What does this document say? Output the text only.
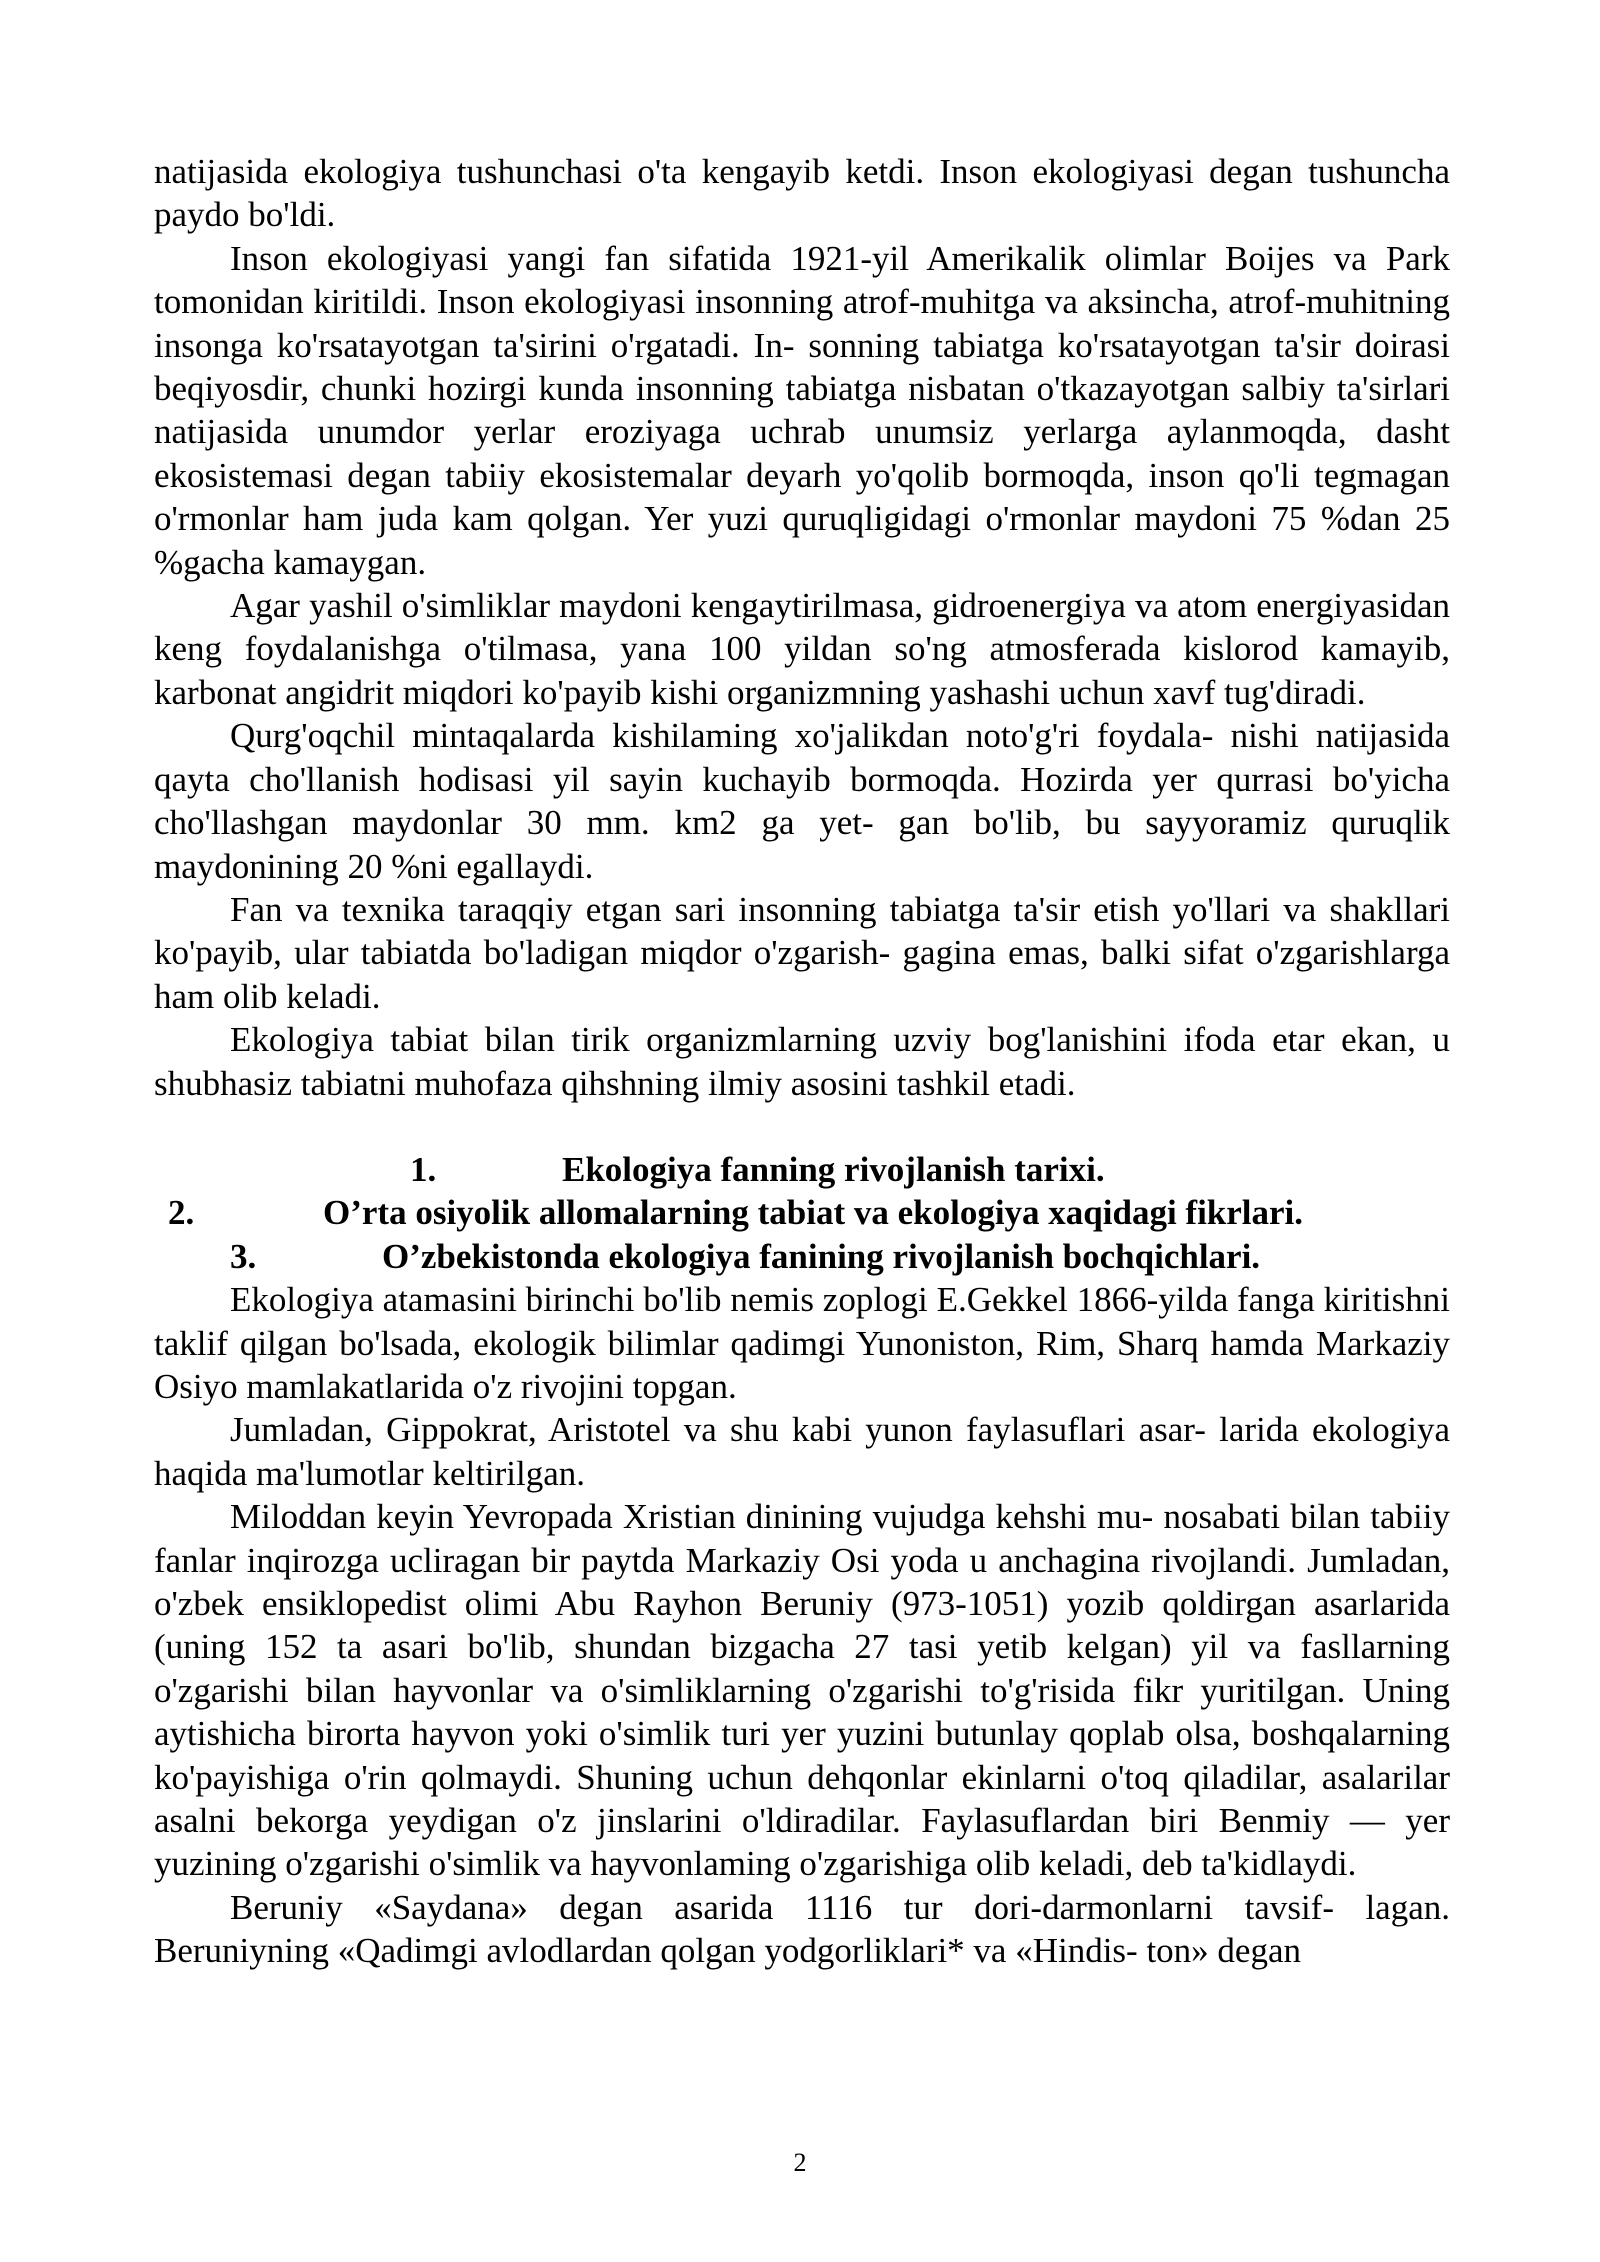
natijasida ekologiya tushunchasi o'ta kengayib ketdi. Inson ekologiyasi degan tushuncha paydo bo'ldi.

Inson ekologiyasi yangi fan sifatida 1921-yil Amerikalik olimlar Boijes va Park tomonidan kiritildi. Inson ekologiyasi insonning atrof-muhitga va aksincha, atrof-muhitning insonga ko'rsatayotgan ta'sirini o'rgatadi. In- sonning tabiatga ko'rsatayotgan ta'sir doirasi beqiyosdir, chunki hozirgi kunda insonning tabiatga nisbatan o'tkazayotgan salbiy ta'sirlari natijasida unumdor yerlar eroziyaga uchrab unumsiz yerlarga aylanmoqda, dasht ekosistemasi degan tabiiy ekosistemalar deyarh yo'qolib bormoqda, inson qo'li tegmagan o'rmonlar ham juda kam qolgan. Yer yuzi quruqligidagi o'rmonlar maydoni 75 %dan 25 %gacha kamaygan.

Agar yashil o'simliklar maydoni kengaytirilmasa, gidroenergiya va atom energiyasidan keng foydalanishga o'tilmasa, yana 100 yildan so'ng atmosferada kislorod kamayib, karbonat angidrit miqdori ko'payib kishi organizmning yashashi uchun xavf tug'diradi.

Qurg'oqchil mintaqalarda kishilaming xo'jalikdan noto'g'ri foydala- nishi natijasida qayta cho'llanish hodisasi yil sayin kuchayib bormoqda. Hozirda yer qurrasi bo'yicha cho'llashgan maydonlar 30 mm. km2 ga yet- gan bo'lib, bu sayyoramiz quruqlik maydonining 20 %ni egallaydi.

Fan va texnika taraqqiy etgan sari insonning tabiatga ta'sir etish yo'llari va shakllari ko'payib, ular tabiatda bo'ladigan miqdor o'zgarish- gagina emas, balki sifat o'zgarishlarga ham olib keladi.

Ekologiya tabiat bilan tirik organizmlarning uzviy bog'lanishini ifoda etar ekan, u shubhasiz tabiatni muhofaza qihshning ilmiy asosini tashkil etadi.

1.	Ekologiya fanning rivojlanish tarixi.
2.	O’rta osiyolik allomalarning tabiat va ekologiya xaqidagi fikrlari.
3.	O’zbekistonda ekologiya fanining rivojlanish bochqichlari.

Ekologiya atamasini birinchi bo'lib nemis zoplogi E.Gekkel 1866-yilda fanga kiritishni taklif qilgan bo'lsada, ekologik bilimlar qadimgi Yunoniston, Rim, Sharq hamda Markaziy Osiyo mamlakatlarida o'z rivojini topgan.

Jumladan, Gippokrat, Aristotel va shu kabi yunon faylasuflari asar- larida ekologiya haqida ma'lumotlar keltirilgan.

Miloddan keyin Yevropada Xristian dinining vujudga kehshi mu- nosabati bilan tabiiy fanlar inqirozga ucliragan bir paytda Markaziy Osi yoda u anchagina rivojlandi. Jumladan, o'zbek ensiklopedist olimi Abu Rayhon Beruniy (973-1051) yozib qoldirgan asarlarida (uning 152 ta asari bo'lib, shundan bizgacha 27 tasi yetib kelgan) yil va fasllarning o'zgarishi bilan hayvonlar va o'simliklarning o'zgarishi to'g'risida fikr yuritilgan. Uning aytishicha birorta hayvon yoki o'simlik turi yer yuzini butunlay qoplab olsa, boshqalarning ko'payishiga o'rin qolmaydi. Shuning uchun dehqonlar ekinlarni o'toq qiladilar, asalarilar asalni bekorga yeydigan o'z jinslarini o'ldiradilar. Faylasuflardan biri Benmiy — yer yuzining o'zgarishi o'simlik va hayvonlaming o'zgarishiga olib keladi, deb ta'kidlaydi.

Beruniy «Saydana» degan asarida 1116 tur dori-darmonlarni tavsif- lagan. Beruniyning «Qadimgi avlodlardan qolgan yodgorliklari* va «Hindis- ton» degan

2
